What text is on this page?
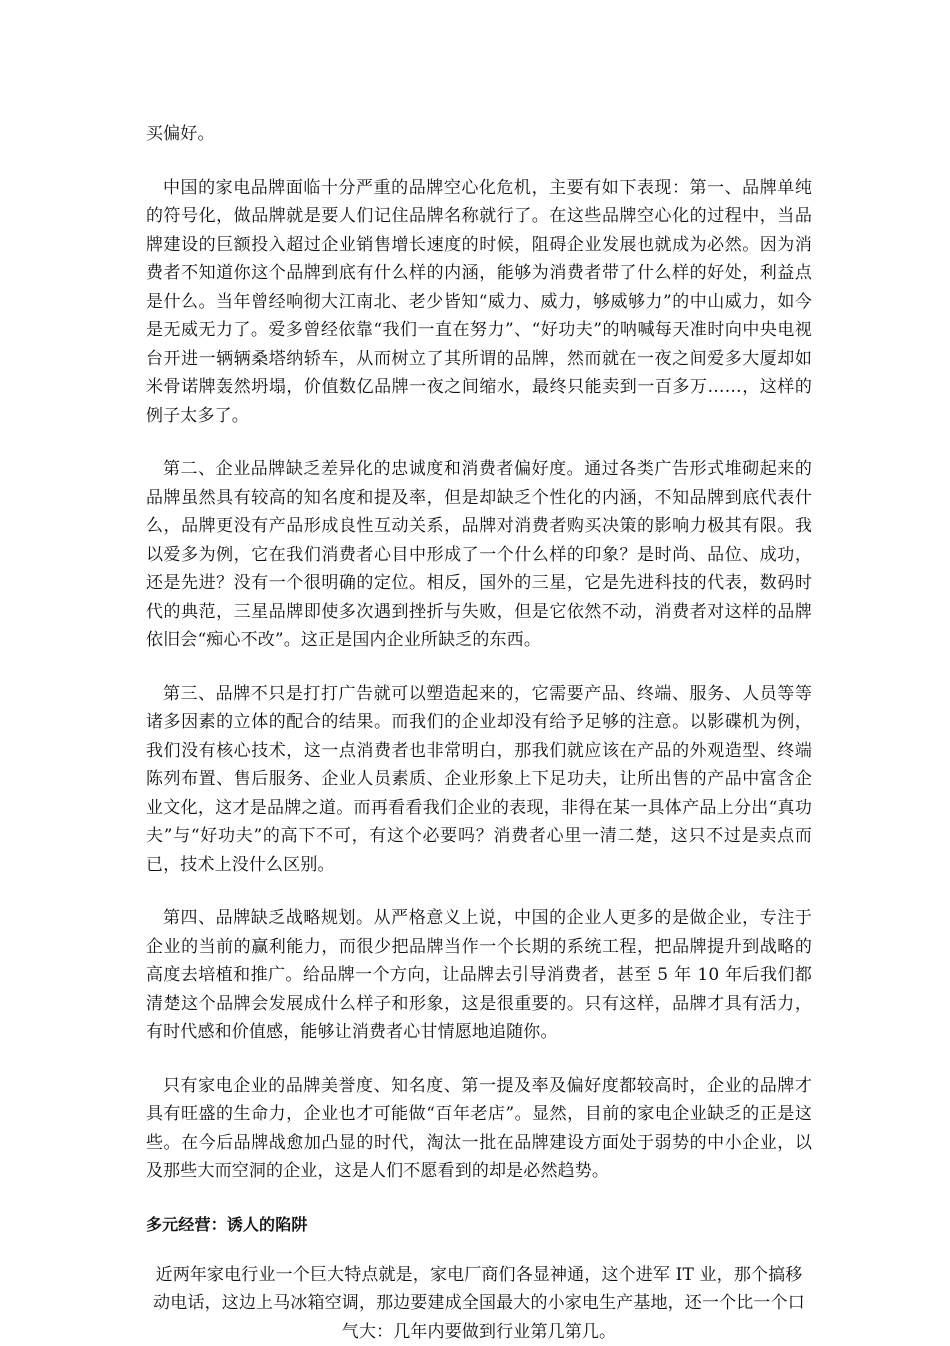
买偏好。

中国的家电品牌面临十分严重的品牌空心化危机，主要有如下表现：第一、品牌单纯的符号化，做品牌就是要人们记住品牌名称就行了。在这些品牌空心化的过程中，当品牌建设的巨额投入超过企业销售增长速度的时候，阻碍企业发展也就成为必然。因为消费者不知道你这个品牌到底有什么样的内涵，能够为消费者带了什么样的好处，利益点是什么。当年曾经响彻大江南北、老少皆知“威力、威力，够威够力”的中山威力，如今是无威无力了。爱多曾经依靠“我们一直在努力”、“好功夫”的呐喊每天准时向中央电视台开进一辆辆桑塔纳轿车，从而树立了其所谓的品牌，然而就在一夜之间爱多大厦却如米骨诺牌轰然坍塌，价值数亿品牌一夜之间缩水，最终只能卖到一百多万……，这样的例子太多了。

第二、企业品牌缺乏差异化的忠诚度和消费者偏好度。通过各类广告形式堆砌起来的品牌虽然具有较高的知名度和提及率，但是却缺乏个性化的内涵，不知品牌到底代表什么，品牌更没有产品形成良性互动关系，品牌对消费者购买决策的影响力极其有限。我以爱多为例，它在我们消费者心目中形成了一个什么样的印象？是时尚、品位、成功，还是先进？没有一个很明确的定位。相反，国外的三星，它是先进科技的代表，数码时代的典范，三星品牌即使多次遇到挫折与失败，但是它依然不动，消费者对这样的品牌依旧会“痴心不改”。这正是国内企业所缺乏的东西。

第三、品牌不只是打打广告就可以塑造起来的，它需要产品、终端、服务、人员等等诸多因素的立体的配合的结果。而我们的企业却没有给予足够的注意。以影碟机为例，我们没有核心技术，这一点消费者也非常明白，那我们就应该在产品的外观造型、终端陈列布置、售后服务、企业人员素质、企业形象上下足功夫，让所出售的产品中富含企业文化，这才是品牌之道。而再看看我们企业的表现，非得在某一具体产品上分出“真功夫”与“好功夫”的高下不可，有这个必要吗？消费者心里一清二楚，这只不过是卖点而已，技术上没什么区别。

第四、品牌缺乏战略规划。从严格意义上说，中国的企业人更多的是做企业，专注于企业的当前的赢利能力，而很少把品牌当作一个长期的系统工程，把品牌提升到战略的高度去培植和推广。给品牌一个方向，让品牌去引导消费者，甚至 5 年 10 年后我们都清楚这个品牌会发展成什么样子和形象，这是很重要的。只有这样，品牌才具有活力，有时代感和价值感，能够让消费者心甘情愿地追随你。

只有家电企业的品牌美誉度、知名度、第一提及率及偏好度都较高时，企业的品牌才具有旺盛的生命力，企业也才可能做“百年老店”。显然，目前的家电企业缺乏的正是这些。在今后品牌战愈加凸显的时代，淘汰一批在品牌建设方面处于弱势的中小企业，以及那些大而空洞的企业，这是人们不愿看到的却是必然趋势。

多元经营：诱人的陷阱

近两年家电行业一个巨大特点就是，家电厂商们各显神通，这个进军 IT 业，那个搞移动电话，这边上马冰箱空调，那边要建成全国最大的小家电生产基地，还一个比一个口气大：几年内要做到行业第几第几。
